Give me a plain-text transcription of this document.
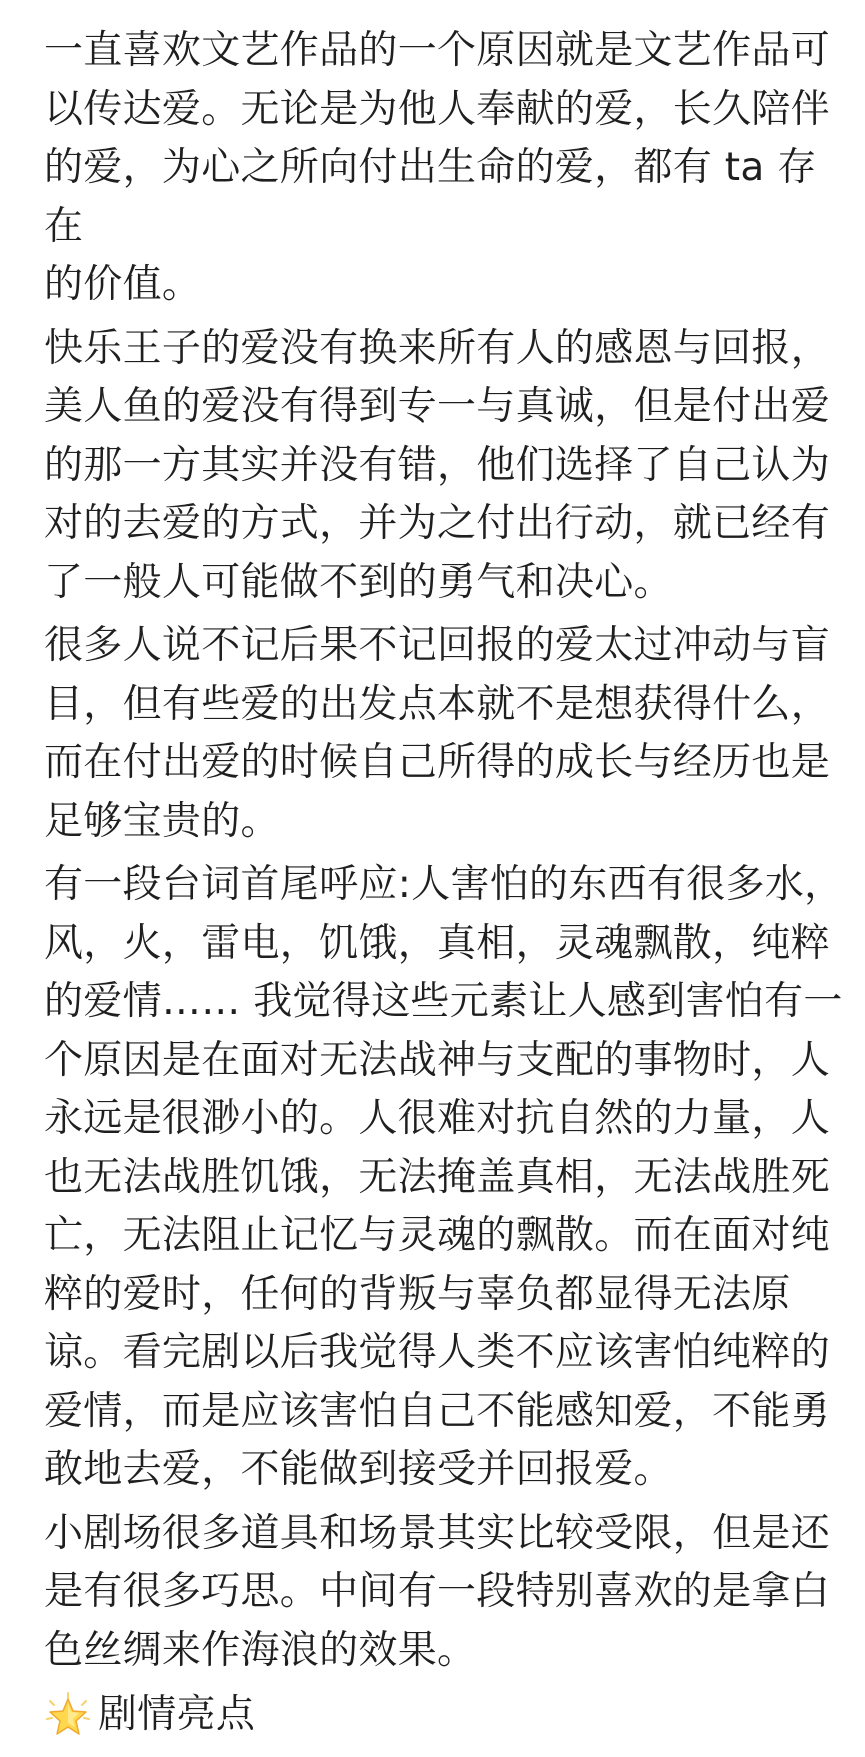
一直喜欢文艺作品的一个原因就是文艺作品可
以传达爱。无论是为他人奉献的爱，长久陪伴
的爱，为心之所向付出生命的爱，都有 ta 存在
的价值。

快乐王子的爱没有换来所有人的感恩与回报，
美人鱼的爱没有得到专一与真诚，但是付出爱
的那一方其实并没有错，他们选择了自己认为
对的去爱的方式，并为之付出行动，就已经有
了一般人可能做不到的勇气和决心。

很多人说不记后果不记回报的爱太过冲动与盲
目，但有些爱的出发点本就不是想获得什么，
而在付出爱的时候自己所得的成长与经历也是
足够宝贵的。

有一段台词首尾呼应:人害怕的东西有很多水，
风，火，雷电，饥饿，真相，灵魂飘散，纯粹
的爱情…… 我觉得这些元素让人感到害怕有一
个原因是在面对无法战神与支配的事物时，人
永远是很渺小的。人很难对抗自然的力量，人
也无法战胜饥饿，无法掩盖真相，无法战胜死
亡，无法阻止记忆与灵魂的飘散。而在面对纯
粹的爱时，任何的背叛与辜负都显得无法原
谅。看完剧以后我觉得人类不应该害怕纯粹的
爱情，而是应该害怕自己不能感知爱，不能勇
敢地去爱，不能做到接受并回报爱。

小剧场很多道具和场景其实比较受限，但是还
是有很多巧思。中间有一段特别喜欢的是拿白
色丝绸来作海浪的效果。

剧情亮点
